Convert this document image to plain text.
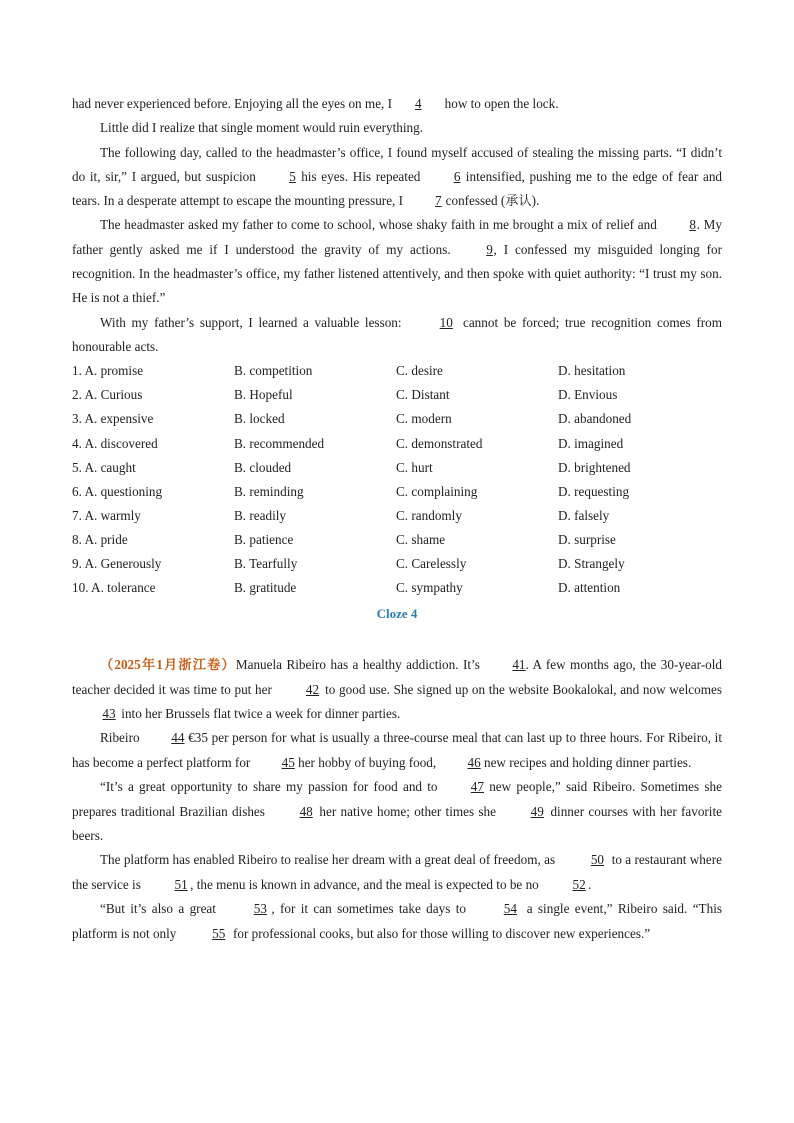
had never experienced before. Enjoying all the eyes on me, I 4 how to open the lock.

Little did I realize that single moment would ruin everything.

The following day, called to the headmaster’s office, I found myself accused of stealing the missing parts. “I didn’t do it, sir,” I argued, but suspicion 5 his eyes. His repeated 6 intensified, pushing me to the edge of fear and tears. In a desperate attempt to escape the mounting pressure, I 7 confessed (承认).

The headmaster asked my father to come to school, whose shaky faith in me brought a mix of relief and 8. My father gently asked me if I understood the gravity of my actions. 9, I confessed my misguided longing for recognition. In the headmaster’s office, my father listened attentively, and then spoke with quiet authority: “I trust my son. He is not a thief.”

With my father’s support, I learned a valuable lesson: 10 cannot be forced; true recognition comes from honourable acts.

1. A. promise	B. competition	C. desire	D. hesitation
2. A. Curious	B. Hopeful	C. Distant	D. Envious
3. A. expensive	B. locked	C. modern	D. abandoned
4. A. discovered	B. recommended	C. demonstrated	D. imagined
5. A. caught	B. clouded	C. hurt	D. brightened
6. A. questioning	B. reminding	C. complaining	D. requesting
7. A. warmly	B. readily	C. randomly	D. falsely
8. A. pride	B. patience	C. shame	D. surprise
9. A. Generously	B. Tearfully	C. Carelessly	D. Strangely
10. A. tolerance	B. gratitude	C. sympathy	D. attention
Cloze 4

（2025年1月浙江卷）Manuela Ribeiro has a healthy addiction. It’s 41. A few months ago, the 30-year-old teacher decided it was time to put her 42 to good use. She signed up on the website Bookalokal, and now welcomes 43 into her Brussels flat twice a week for dinner parties.

Ribeiro 44 €35 per person for what is usually a three-course meal that can last up to three hours. For Ribeiro, it has become a perfect platform for 45 her hobby of buying food, 46 new recipes and holding dinner parties.

“It’s a great opportunity to share my passion for food and to 47 new people,” said Ribeiro. Sometimes she prepares traditional Brazilian dishes 48 her native home; other times she 49 dinner courses with her favorite beers.

The platform has enabled Ribeiro to realise her dream with a great deal of freedom, as 50 to a restaurant where the service is 51 , the menu is known in advance, and the meal is expected to be no 52 .

“But it’s also a great 53 , for it can sometimes take days to 54 a single event,” Ribeiro said. “This platform is not only 55 for professional cooks, but also for those willing to discover new experiences.”
